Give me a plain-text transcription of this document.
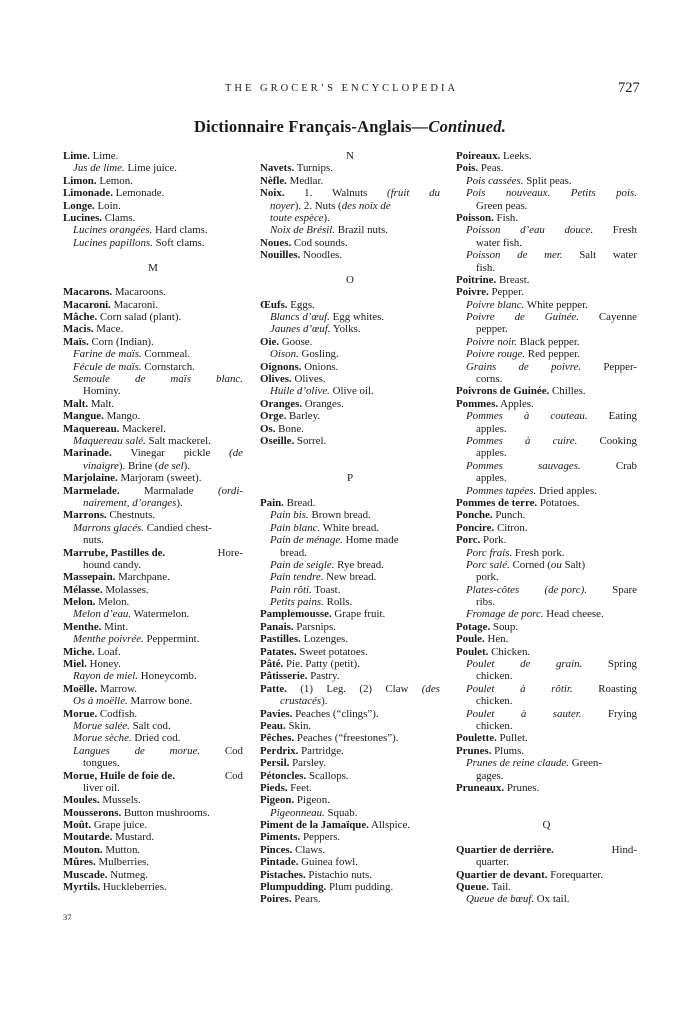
THE GROCER’S ENCYCLOPEDIA	727
Dictionnaire Français-Anglais—Continued.
Lime. Lime.
Jus de lime. Lime juice.
Limon. Lemon.
Limonade. Lemonade.
Longe. Loin.
Lucines. Clams.
Lucines orangées. Hard clams.
Lucines papillons. Soft clams.
M
Macarons. Macaroons.
Macaroni. Macaroni.
Mâche. Corn salad (plant).
Macis. Mace.
Maïs. Corn (Indian).
Farine de maïs. Cornmeal.
Fécule de maïs. Cornstarch.
Semoule de maïs blanc.
Hominy.
Malt. Malt.
Mangue. Mango.
Maquereau. Mackerel.
Maquereau salé. Salt mackerel.
Marinade. Vinegar pickle (de
vinaigre). Brine (de sel).
Marjolaine. Marjoram (sweet).
Marmelade. Marmalade (ordi-
nairement, d’oranges).
Marrons. Chestnuts.
Marrons glacés. Candied chest-
nuts.
Marrube, Pastilles de.	Hore-
hound candy.
Massepain. Marchpane.
Mélasse. Molasses.
Melon. Melon.
Melon d’eau. Watermelon.
Menthe. Mint.
Menthe poivrée. Peppermint.
Miche. Loaf.
Miel. Honey.
Rayon de miel. Honeycomb.
Moëlle. Marrow.
Os à moëlle. Marrow bone.
Morue. Codfish.
Morue salée. Salt cod.
Morue sèche. Dried cod.
Langues de morue. Cod
tongues.
Morue, Huile de foie de.	Cod
liver oil.
Moules. Mussels.
Mousserons. Button mushrooms.
Moût. Grape juice.
Moutarde. Mustard.
Mouton. Mutton.
Mûres. Mulberries.
Muscade. Nutmeg.
Myrtils. Huckleberries.
N
Navets. Turnips.
Nèfle. Medlar.
Noix. 1. Walnuts (fruit du
noyer). 2. Nuts (des noix de
toute espèce).
Noix de Brésil. Brazil nuts.
Noues. Cod sounds.
Nouilles. Noodles.
O
Œufs. Eggs.
Blancs d’œuf. Egg whites.
Jaunes d’œuf. Yolks.
Oie. Goose.
Oison. Gosling.
Oignons. Onions.
Olives. Olives.
Huile d’olive. Olive oil.
Oranges. Oranges.
Orge. Barley.
Os. Bone.
Oseille. Sorrel.
P
Pain. Bread.
Pain bis. Brown bread.
Pain blanc. White bread.
Pain de ménage. Home made
bread.
Pain de seigle. Rye bread.
Pain tendre. New bread.
Pain rôti. Toast.
Petits pains. Rolls.
Pamplemousse. Grape fruit.
Panais. Parsnips.
Pastilles. Lozenges.
Patates. Sweet potatoes.
Pâté. Pie. Patty (petit).
Pâtisserie. Pastry.
Patte. (1) Leg. (2) Claw (des
crustacés).
Pavies. Peaches (“clings”).
Peau. Skin.
Pêches. Peaches (“freestones”).
Perdrix. Partridge.
Persil. Parsley.
Pétoncles. Scallops.
Pieds. Feet.
Pigeon. Pigeon.
Pigeonneau. Squab.
Piment de la Jamaïque. Allspice.
Piments. Peppers.
Pinces. Claws.
Pintade. Guinea fowl.
Pistaches. Pistachio nuts.
Plumpudding. Plum pudding.
Poires. Pears.
Poireaux. Leeks.
Pois. Peas.
Pois cassées. Split peas.
Pois nouveaux. Petits pois.
Green peas.
Poisson. Fish.
Poisson d’eau douce. Fresh
water fish.
Poisson de mer. Salt water
fish.
Poitrine. Breast.
Poivre. Pepper.
Poivre blanc. White pepper.
Poivre de Guinée. Cayenne
pepper.
Poivre noir. Black pepper.
Poivre rouge. Red pepper.
Grains de poivre. Pepper-
corns.
Poivrons de Guinée. Chilles.
Pommes. Apples.
Pommes à couteau. Eating
apples.
Pommes à cuire. Cooking
apples.
Pommes	sauvages.	Crab
apples.
Pommes tapées. Dried apples.
Pommes de terre. Potatoes.
Ponche. Punch.
Poncire. Citron.
Porc. Pork.
Porc frais. Fresh pork.
Porc salé. Corned (ou Salt)
pork.
Plates-côtes (de porc). Spare
ribs.
Fromage de porc. Head cheese.
Potage. Soup.
Poule. Hen.
Poulet. Chicken.
Poulet de grain. Spring
chicken.
Poulet à rôtir. Roasting
chicken.
Poulet à sauter. Frying
chicken.
Poulette. Pullet.
Prunes. Plums.
Prunes de reine claude. Green-
gages.
Pruneaux. Prunes.
Q
Quartier de derrière.	Hind-
quarter.
Quartier de devant. Forequarter.
Queue. Tail.
Queue de bœuf. Ox tail.
37
